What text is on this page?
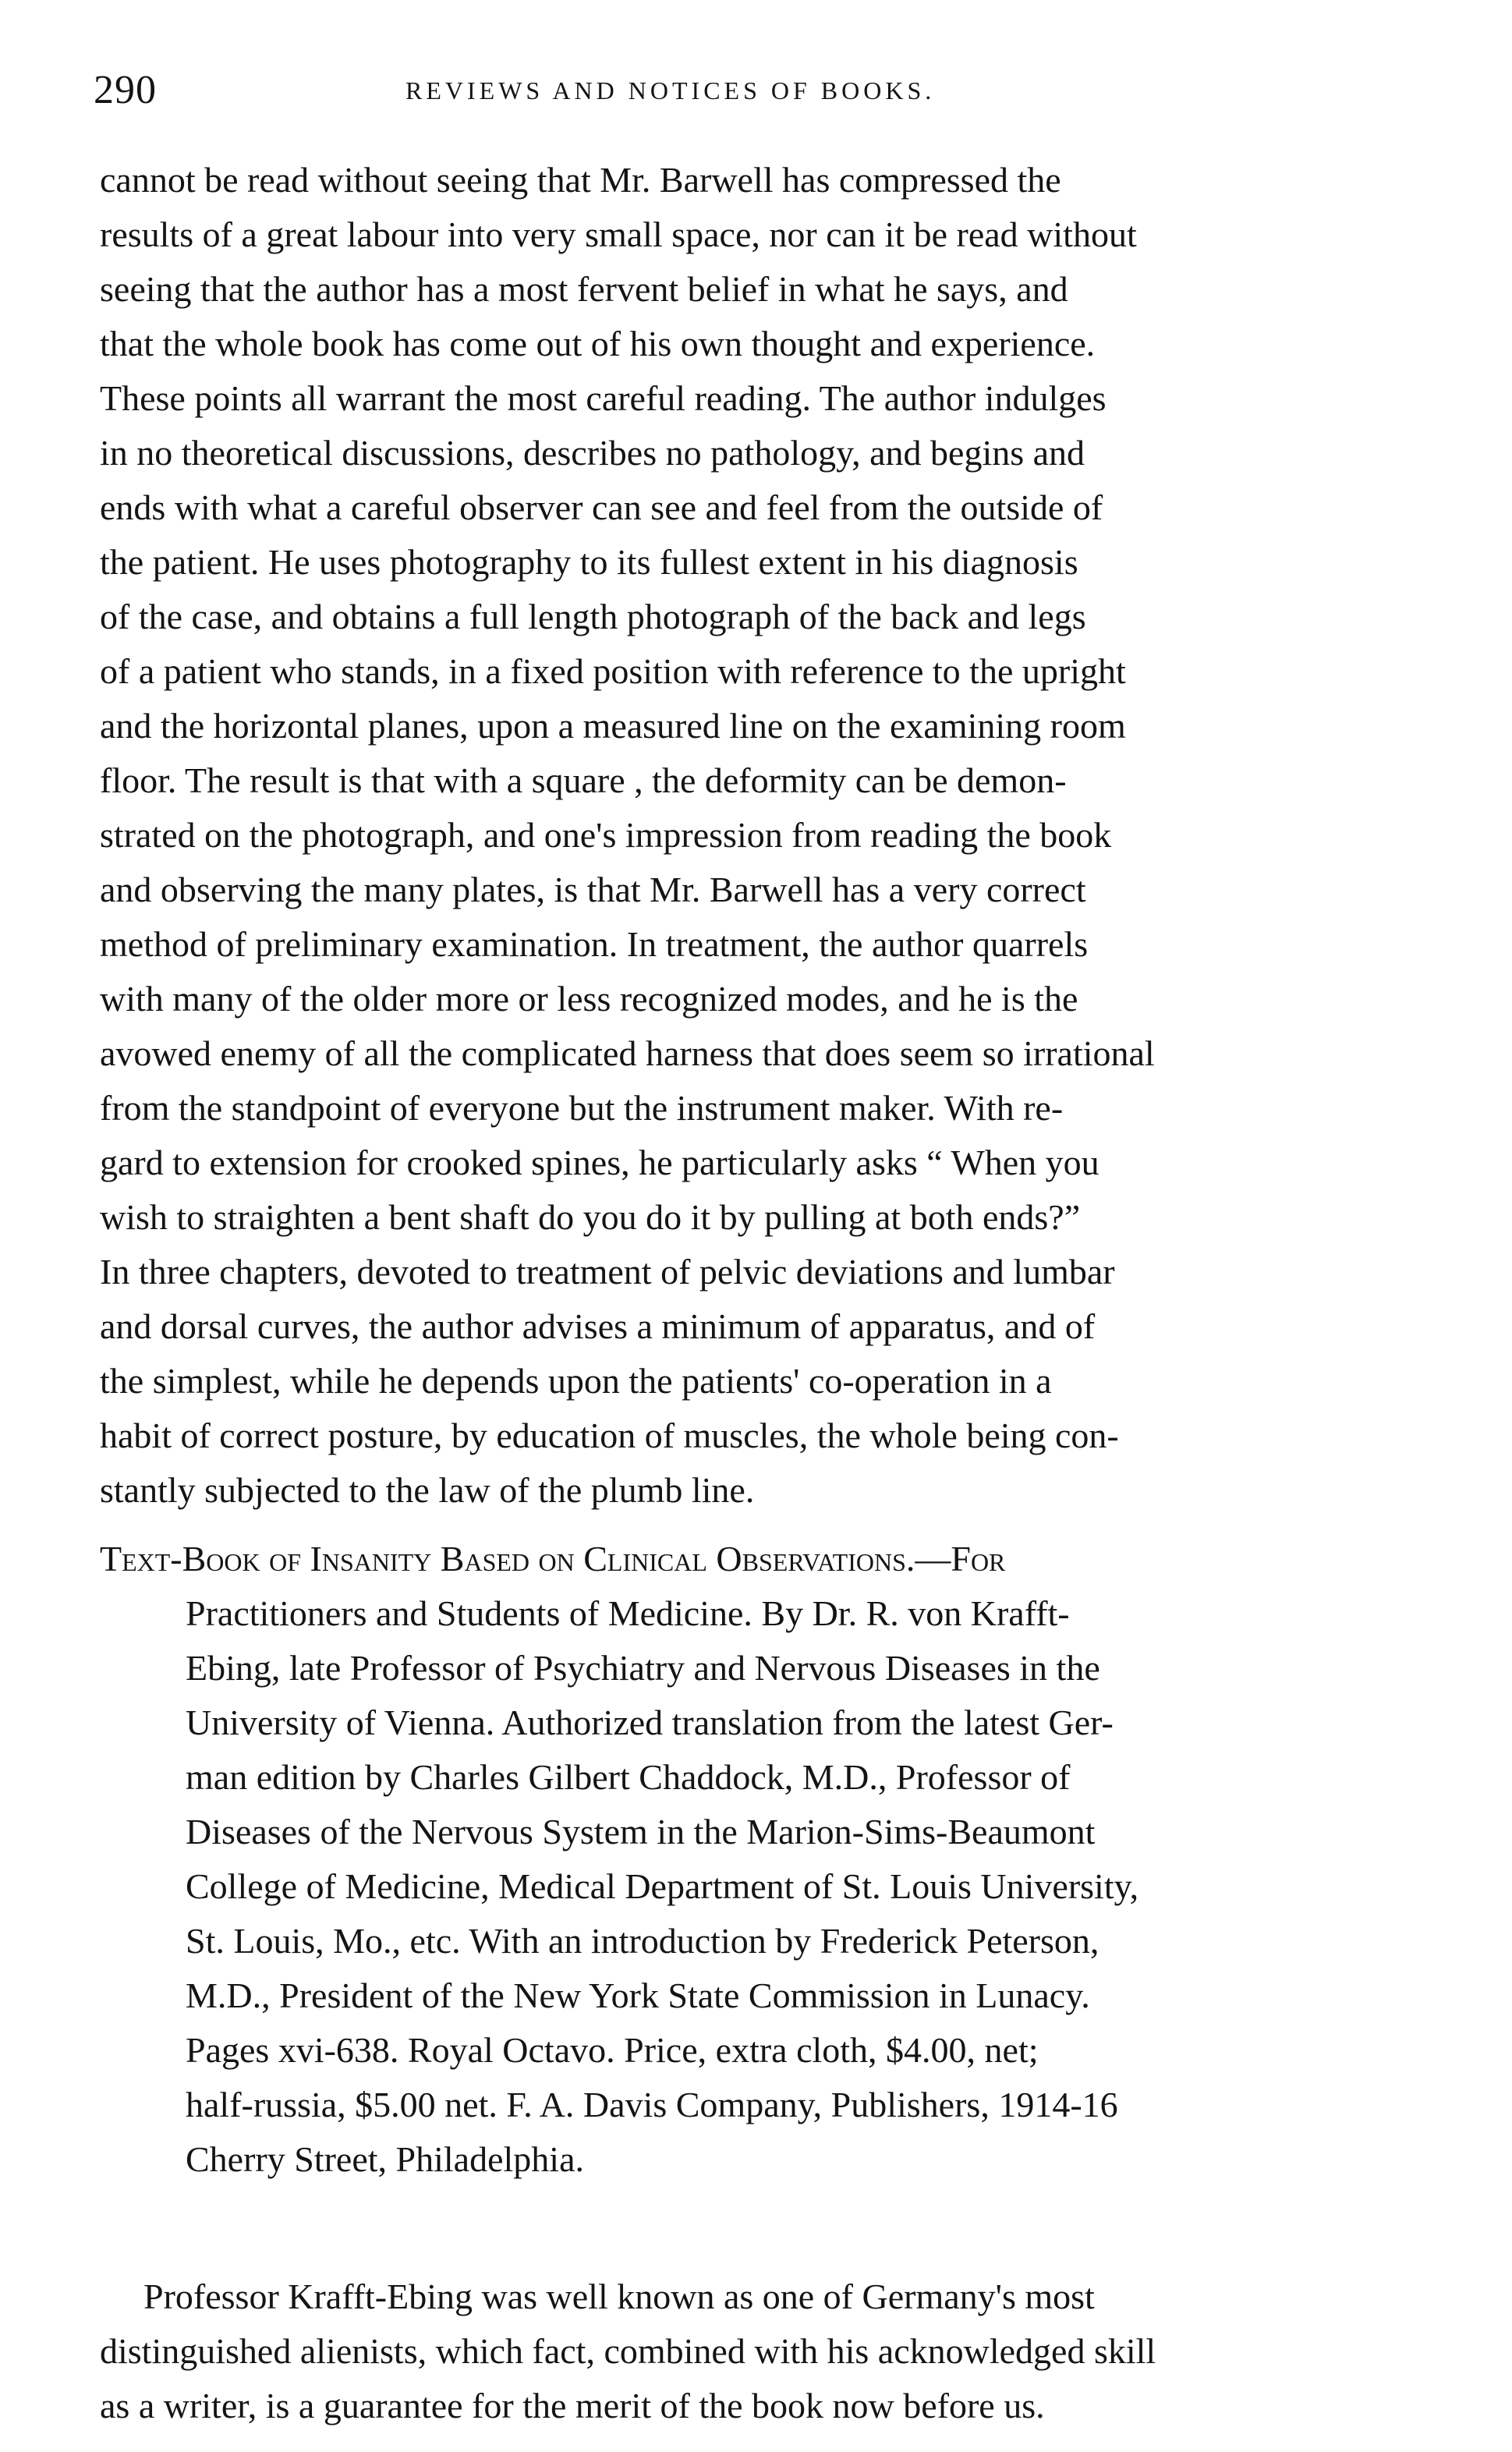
290	REVIEWS AND NOTICES OF BOOKS.
cannot be read without seeing that Mr. Barwell has compressed the
results of a great labour into very small space, nor can it be read without
seeing that the author has a most fervent belief in what he says, and
that the whole book has come out of his own thought and experience.
These points all warrant the most careful reading. The author indulges
in no theoretical discussions, describes no pathology, and begins and
ends with what a careful observer can see and feel from the outside of
the patient. He uses photography to its fullest extent in his diagnosis
of the case, and obtains a full length photograph of the back and legs
of a patient who stands, in a fixed position with reference to the upright
and the horizontal planes, upon a measured line on the examining room
floor. The result is that with a square , the deformity can be demon-
strated on the photograph, and one's impression from reading the book
and observing the many plates, is that Mr. Barwell has a very correct
method of preliminary examination. In treatment, the author quarrels
with many of the older more or less recognized modes, and he is the
avowed enemy of all the complicated harness that does seem so irrational
from the standpoint of everyone but the instrument maker. With re-
gard to extension for crooked spines, he particularly asks “ When you
wish to straighten a bent shaft do you do it by pulling at both ends?”
In three chapters, devoted to treatment of pelvic deviations and lumbar
and dorsal curves, the author advises a minimum of apparatus, and of
the simplest, while he depends upon the patients' co-operation in a
habit of correct posture, by education of muscles, the whole being con-
stantly subjected to the law of the plumb line.
Text-Book of Insanity Based on Clinical Observations.—For
Practitioners and Students of Medicine. By Dr. R. von Krafft-
Ebing, late Professor of Psychiatry and Nervous Diseases in the
University of Vienna. Authorized translation from the latest Ger-
man edition by Charles Gilbert Chaddock, M.D., Professor of
Diseases of the Nervous System in the Marion-Sims-Beaumont
College of Medicine, Medical Department of St. Louis University,
St. Louis, Mo., etc. With an introduction by Frederick Peterson,
M.D., President of the New York State Commission in Lunacy.
Pages xvi-638. Royal Octavo. Price, extra cloth, $4.00, net;
half-russia, $5.00 net. F. A. Davis Company, Publishers, 1914-16
Cherry Street, Philadelphia.
Professor Krafft-Ebing was well known as one of Germany's most
distinguished alienists, which fact, combined with his acknowledged skill
as a writer, is a guarantee for the merit of the book now before us.
